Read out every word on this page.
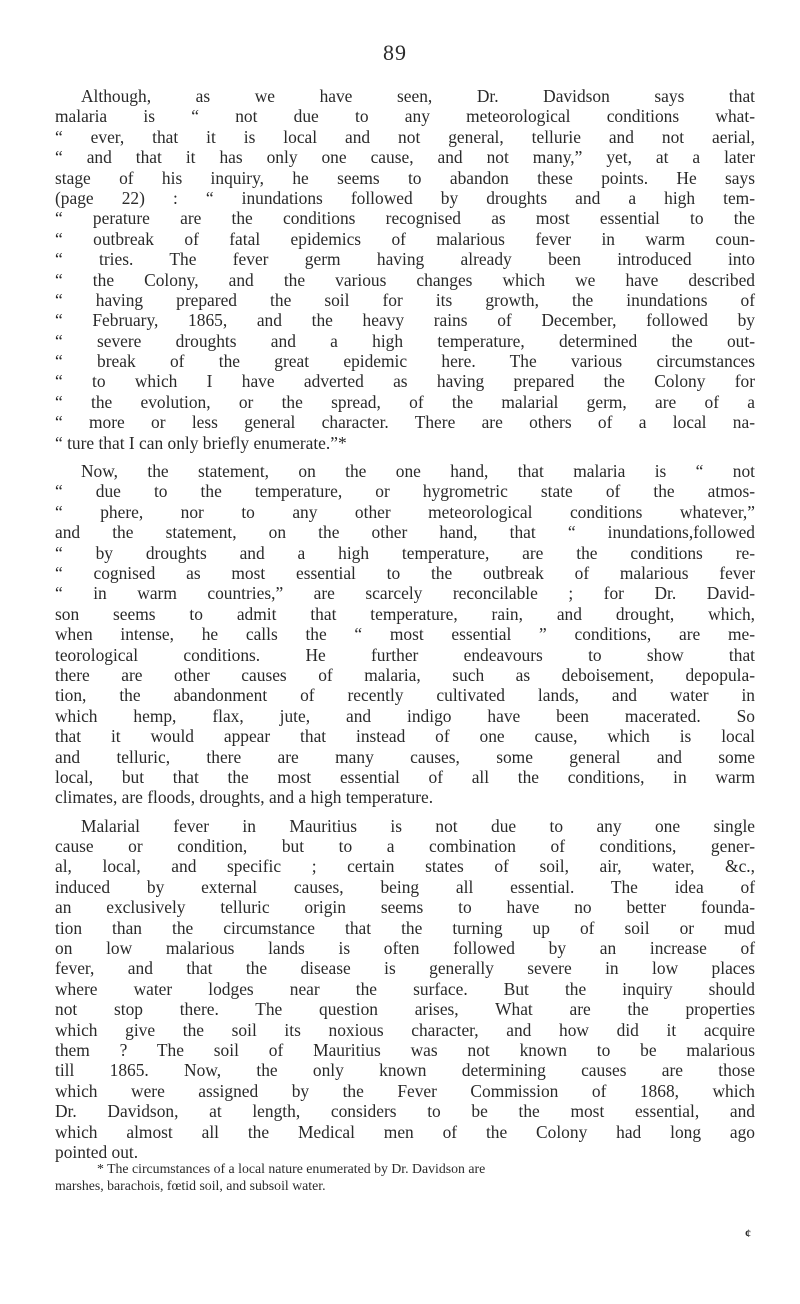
89
Although, as we have seen, Dr. Davidson says that
malaria is “ not due to any meteorological conditions what-
“ ever, that it is local and not general, tellurie and not aerial,
“ and that it has only one cause, and not many,” yet, at a later
stage of his inquiry, he seems to abandon these points. He says
(page 22) : “ inundations followed by droughts and a high tem-
“ perature are the conditions recognised as most essential to the
“ outbreak of fatal epidemics of malarious fever in warm coun-
“ tries. The fever germ having already been introduced into
“ the Colony, and the various changes which we have described
“ having prepared the soil for its growth, the inundations of
“ February, 1865, and the heavy rains of December, followed by
“ severe droughts and a high temperature, determined the out-
“ break of the great epidemic here. The various circumstances
“ to which I have adverted as having prepared the Colony for
“ the evolution, or the spread, of the malarial germ, are of a
“ more or less general character. There are others of a local na-
“ ture that I can only briefly enumerate.”*
Now, the statement, on the one hand, that malaria is “ not
“ due to the temperature, or hygrometric state of the atmos-
“ phere, nor to any other meteorological conditions whatever,”
and the statement, on the other hand, that “ inundations,followed
“ by droughts and a high temperature, are the conditions re-
“ cognised as most essential to the outbreak of malarious fever
“ in warm countries,” are scarcely reconcilable ; for Dr. David-
son seems to admit that temperature, rain, and drought, which,
when intense, he calls the “ most essential ” conditions, are me-
teorological conditions. He further endeavours to show that
there are other causes of malaria, such as deboisement, depopula-
tion, the abandonment of recently cultivated lands, and water in
which hemp, flax, jute, and indigo have been macerated. So
that it would appear that instead of one cause, which is local
and telluric, there are many causes, some general and some
local, but that the most essential of all the conditions, in warm
climates, are floods, droughts, and a high temperature.
Malarial fever in Mauritius is not due to any one single
cause or condition, but to a combination of conditions, gener-
al, local, and specific ; certain states of soil, air, water, &c.,
induced by external causes, being all essential. The idea of
an exclusively telluric origin seems to have no better founda-
tion than the circumstance that the turning up of soil or mud
on low malarious lands is often followed by an increase of
fever, and that the disease is generally severe in low places
where water lodges near the surface. But the inquiry should
not stop there. The question arises, What are the properties
which give the soil its noxious character, and how did it acquire
them ? The soil of Mauritius was not known to be malarious
till 1865. Now, the only known determining causes are those
which were assigned by the Fever Commission of 1868, which
Dr. Davidson, at length, considers to be the most essential, and
which almost all the Medical men of the Colony had long ago
pointed out.
* The circumstances of a local nature enumerated by Dr. Davidson are
marshes, barachois, fœtid soil, and subsoil water.
¢
